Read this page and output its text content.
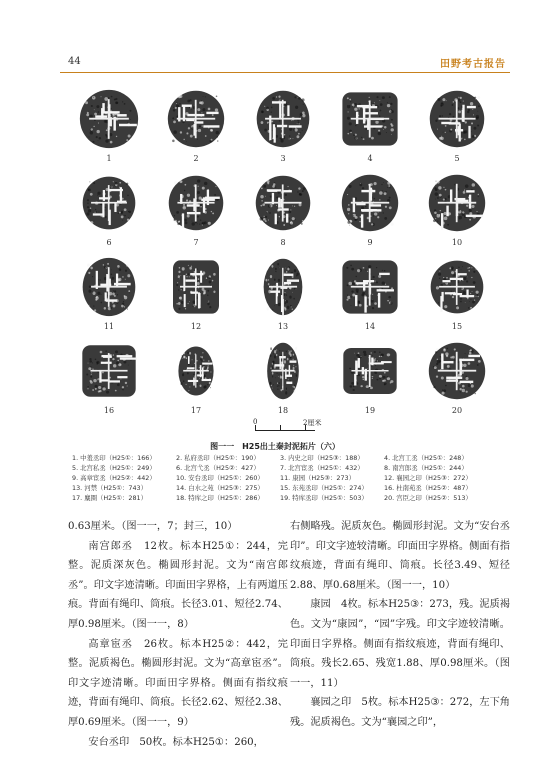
44	田野考古报告
1	2	3	4	5
6	7	8	9	10
11	12	13	14	15
16	17	18	19	20
0	2厘米
图一一　H25出土秦封泥拓片（六）
1. 中羞丞印（H25①：166）	2. 私府丞印（H25①：190）	3. 内史之印（H25③：188）	4. 北宫工丞（H25①：248）
5. 北宫私丞（H25①：249）	6. 北宫弋丞（H25②：427）	7. 北宫宦丞（H25①：432）	8. 南宫郎丞（H25①：244）
9. 高章宦丞（H25②：442）	10. 安台丞印（H25①：260）	11. 康园（H25③：273）	12. 襄园之印（H25③：272）
13. 河禁（H25①：743）	14. 白水之苑（H25③：275）	15. 东苑丞印（H25①：274）	16. 杜南苑丞（H25②：487）
17. 麋圈（H25①：281）	18. 特库之印（H25①：286）	19. 特库丞印（H25①：503）	20. 宫臣之印（H25②：513）

0.63厘米。（图一一，7；封三，10）

南宫郎丞　12枚。标本H25①：244，完整。泥质深灰色。椭圆形封泥。文为“南宫郎丞”。印文字迹清晰。印面田字界格，上有两道压痕。背面有绳印、筒痕。长径3.01、短径2.74、厚0.98厘米。（图一一，8）

高章宦丞　26枚。标本H25②：442，完整。泥质褐色。椭圆形封泥。文为“高章宦丞”。印文字迹清晰。印面田字界格。侧面有指纹痕迹，背面有绳印、筒痕。长径2.62、短径2.38、厚0.69厘米。（图一一，9）

安台丞印　50枚。标本H25①：260，

右侧略残。泥质灰色。椭圆形封泥。文为“安台丞印”。印文字迹较清晰。印面田字界格。侧面有指纹痕迹，背面有绳印、筒痕。长径3.49、短径2.88、厚0.68厘米。（图一一，10）

康园　4枚。标本H25③：273，残。泥质褐色。文为“康园”，“园”字残。印文字迹较清晰。印面日字界格。侧面有指纹痕迹，背面有绳印、筒痕。残长2.65、残宽1.88、厚0.98厘米。（图一一，11）

襄园之印　5枚。标本H25③：272，左下角残。泥质褐色。文为“襄园之印”，
